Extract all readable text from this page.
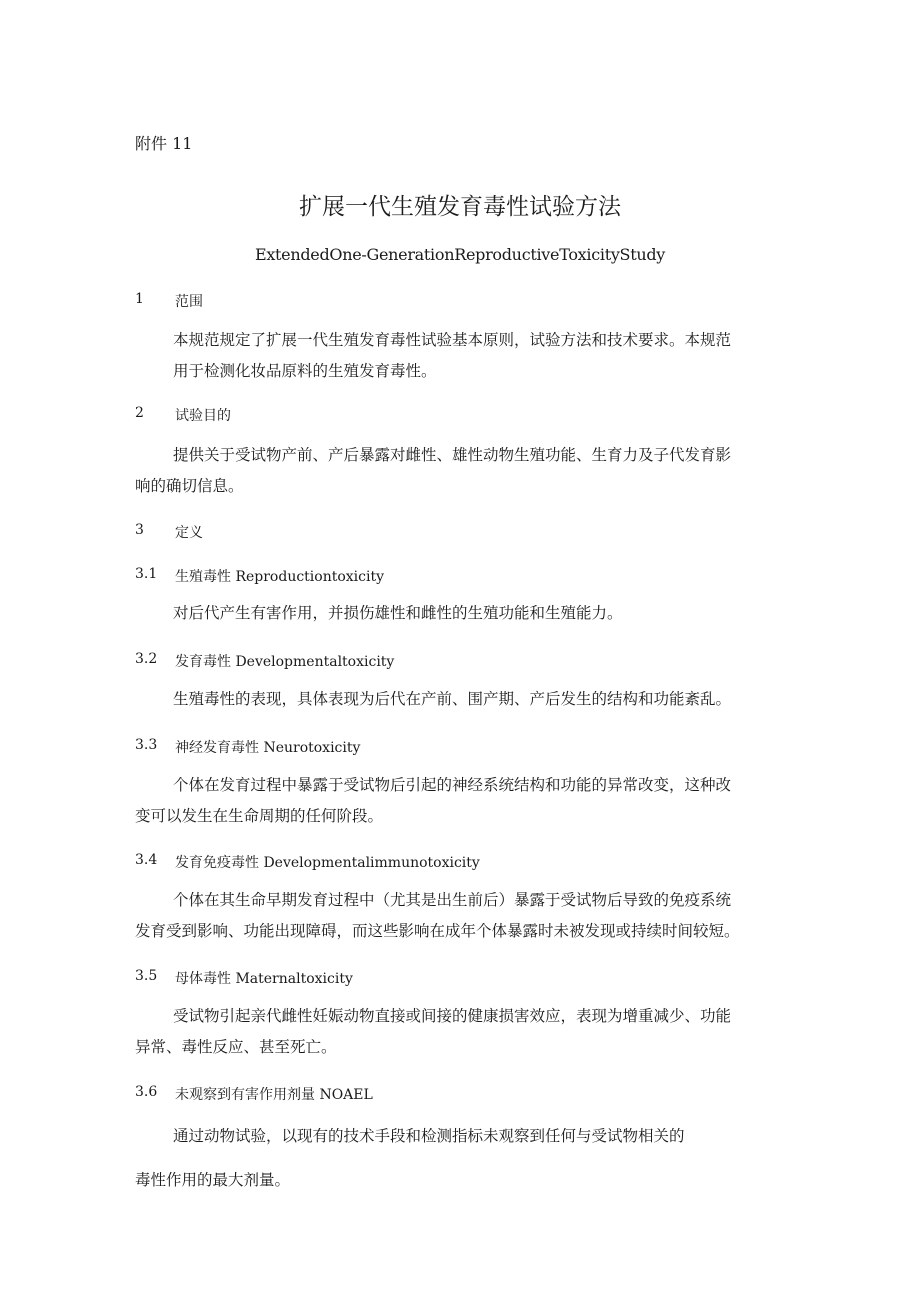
附件 11
扩展一代生殖发育毒性试验方法
ExtendedOne-GenerationReproductiveToxicityStudy
1 范围
本规范规定了扩展一代生殖发育毒性试验基本原则，试验方法和技术要求。本规范
用于检测化妆品原料的生殖发育毒性。
2 试验目的
提供关于受试物产前、产后暴露对雌性、雄性动物生殖功能、生育力及子代发育影
响的确切信息。
3 定义
3.1 生殖毒性 Reproductiontoxicity
对后代产生有害作用，并损伤雄性和雌性的生殖功能和生殖能力。
3.2 发育毒性 Developmentaltoxicity
生殖毒性的表现，具体表现为后代在产前、围产期、产后发生的结构和功能紊乱。
3.3 神经发育毒性 Neurotoxicity
个体在发育过程中暴露于受试物后引起的神经系统结构和功能的异常改变，这种改
变可以发生在生命周期的任何阶段。
3.4 发育免疫毒性 Developmentalimmunotoxicity
个体在其生命早期发育过程中（尤其是出生前后）暴露于受试物后导致的免疫系统
发育受到影响、功能出现障碍，而这些影响在成年个体暴露时未被发现或持续时间较短。
3.5 母体毒性 Maternaltoxicity
受试物引起亲代雌性妊娠动物直接或间接的健康损害效应，表现为增重减少、功能
异常、毒性反应、甚至死亡。
3.6 未观察到有害作用剂量 NOAEL
通过动物试验，以现有的技术手段和检测指标未观察到任何与受试物相关的
毒性作用的最大剂量。
